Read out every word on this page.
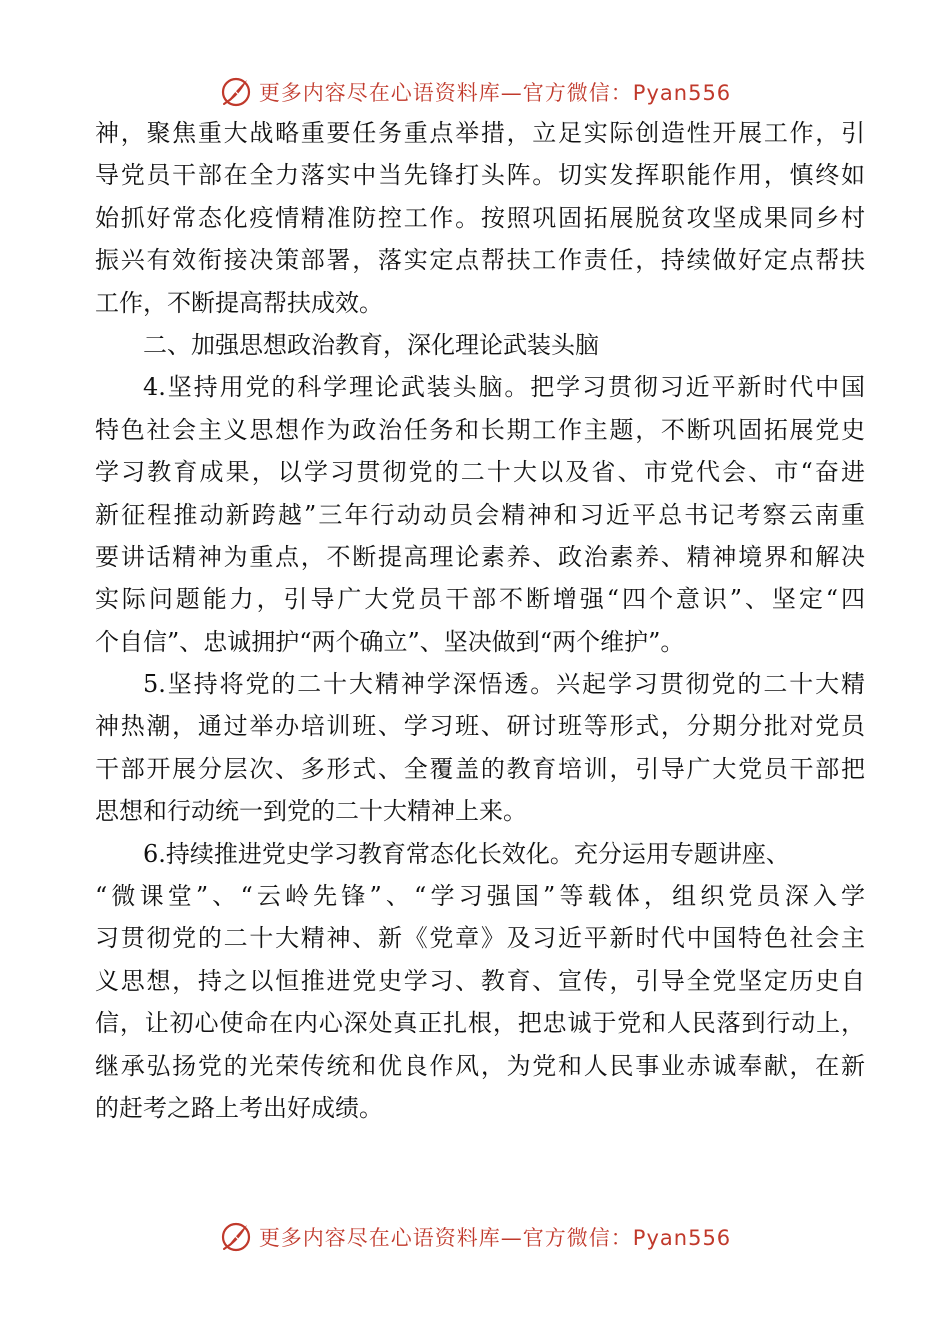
更多内容尽在心语资料库—官方微信：Pyan556
神，聚焦重大战略重要任务重点举措，立足实际创造性开展工作，引
导党员干部在全力落实中当先锋打头阵。切实发挥职能作用，慎终如
始抓好常态化疫情精准防控工作。按照巩固拓展脱贫攻坚成果同乡村
振兴有效衔接决策部署，落实定点帮扶工作责任，持续做好定点帮扶
工作，不断提高帮扶成效。
二、加强思想政治教育，深化理论武装头脑
4.坚持用党的科学理论武装头脑。把学习贯彻习近平新时代中国
特色社会主义思想作为政治任务和长期工作主题，不断巩固拓展党史
学习教育成果，以学习贯彻党的二十大以及省、市党代会、市“奋进
新征程推动新跨越”三年行动动员会精神和习近平总书记考察云南重
要讲话精神为重点，不断提高理论素养、政治素养、精神境界和解决
实际问题能力，引导广大党员干部不断增强“四个意识”、坚定“四
个自信”、忠诚拥护“两个确立”、坚决做到“两个维护”。
5.坚持将党的二十大精神学深悟透。兴起学习贯彻党的二十大精
神热潮，通过举办培训班、学习班、研讨班等形式，分期分批对党员
干部开展分层次、多形式、全覆盖的教育培训，引导广大党员干部把
思想和行动统一到党的二十大精神上来。
6.持续推进党史学习教育常态化长效化。充分运用专题讲座、
“微课堂”、“云岭先锋”、“学习强国”等载体，组织党员深入学
习贯彻党的二十大精神、新《党章》及习近平新时代中国特色社会主
义思想，持之以恒推进党史学习、教育、宣传，引导全党坚定历史自
信，让初心使命在内心深处真正扎根，把忠诚于党和人民落到行动上，
继承弘扬党的光荣传统和优良作风，为党和人民事业赤诚奉献，在新
的赶考之路上考出好成绩。
更多内容尽在心语资料库—官方微信：Pyan556
